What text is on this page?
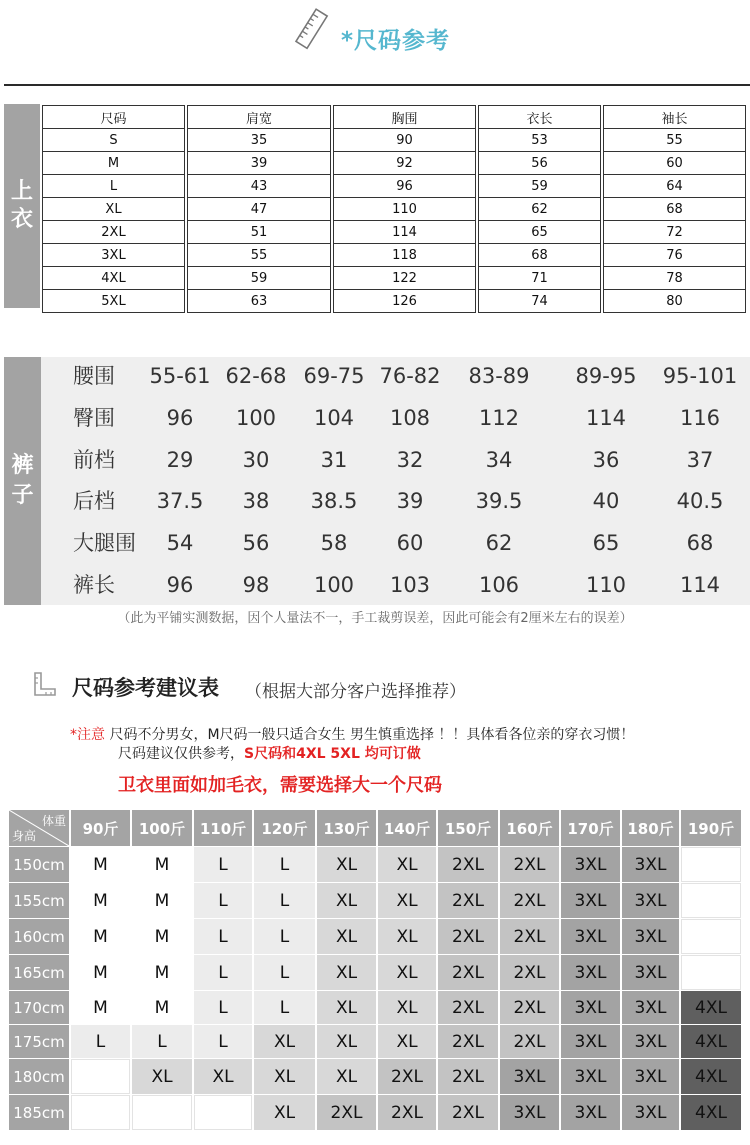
*尺码参考
上
衣
尺码	肩宽	胸围	衣长	袖长
S	35	90	53	55
M	39	92	56	60
L	43	96	59	64
XL	47	110	62	68
2XL	51	114	65	72
3XL	55	118	68	76
4XL	59	122	71	78
5XL	63	126	74	80
裤
子
腰围 55-61 62-68 69-75 76-82 83-89 89-95 95-101
臀围 96 100 104 108 112	114	116
前档 29 30 31 32	34	36	37
后档 37.5 38 38.5 39 39.5	40	40.5
大腿围 54 56 58 60	62	65	68
裤长 96 98 100 103 106	110	114
（此为平铺实测数据，因个人量法不一，手工裁剪误差，因此可能会有2厘米左右的误差）
尺码参考建议表 （根据大部分客户选择推荐）
*注意 尺码不分男女，M尺码一般只适合女生 男生慎重选择 ！！具体看各位亲的穿衣习惯！
尺码建议仅供参考，S尺码和4XL 5XL 均可订做
卫衣里面如加毛衣，需要选择大一个尺码
体重
身高	90斤	100斤	110斤	120斤	130斤	140斤	150斤	160斤	170斤	180斤	190斤
150cm	M	M	L	L	XL	XL	2XL	2XL	3XL	3XL	
155cm	M	M	L	L	XL	XL	2XL	2XL	3XL	3XL	
160cm	M	M	L	L	XL	XL	2XL	2XL	3XL	3XL	
165cm	M	M	L	L	XL	XL	2XL	2XL	3XL	3XL	
170cm	M	M	L	L	XL	XL	2XL	2XL	3XL	3XL	4XL
175cm	L	L	L	XL	XL	XL	2XL	2XL	3XL	3XL	4XL
180cm		XL	XL	XL	XL	2XL	2XL	3XL	3XL	3XL	4XL
185cm				XL	2XL	2XL	2XL	3XL	3XL	3XL	4XL
